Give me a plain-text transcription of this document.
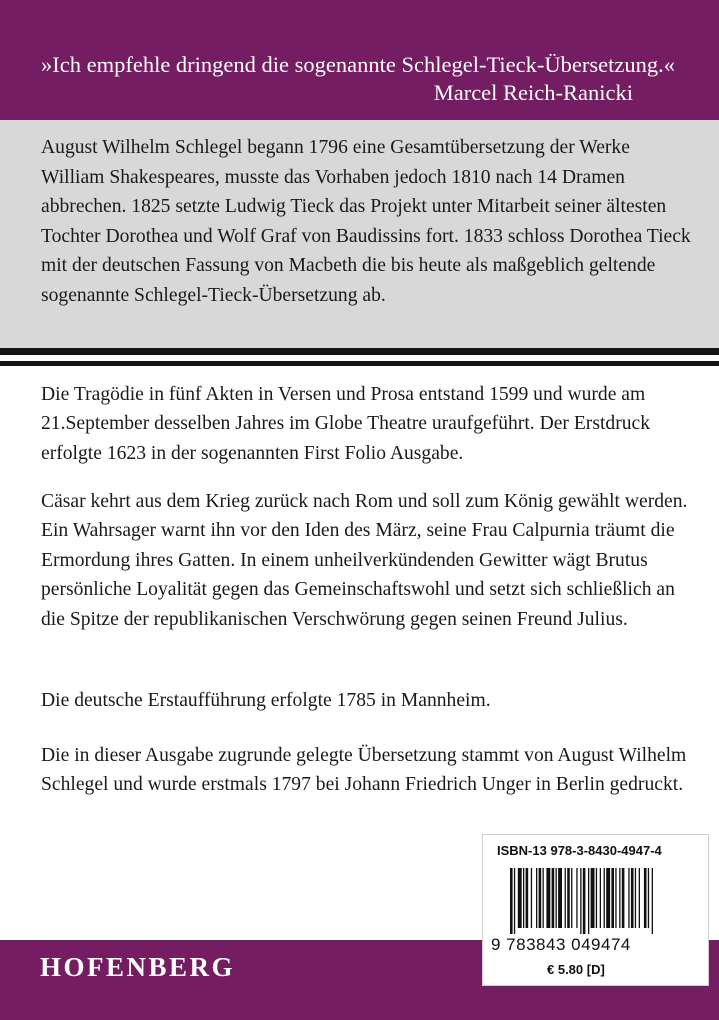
»Ich empfehle dringend die sogenannte Schlegel-Tieck-Übersetzung.«
Marcel Reich-Ranicki

August Wilhelm Schlegel begann 1796 eine Gesamtübersetzung der Werke William Shakespeares, musste das Vorhaben jedoch 1810 nach 14 Dramen abbrechen. 1825 setzte Ludwig Tieck das Projekt unter Mitarbeit seiner ältesten Tochter Dorothea und Wolf Graf von Baudissins fort. 1833 schloss Dorothea Tieck mit der deutschen Fassung von Macbeth die bis heute als maßgeblich geltende sogenannte Schlegel-Tieck-Übersetzung ab.

Die Tragödie in fünf Akten in Versen und Prosa entstand 1599 und wurde am 21.September desselben Jahres im Globe Theatre uraufgeführt. Der Erstdruck erfolgte 1623 in der sogenannten First Folio Ausgabe.

Cäsar kehrt aus dem Krieg zurück nach Rom und soll zum König gewählt werden. Ein Wahrsager warnt ihn vor den Iden des März, seine Frau Calpurnia träumt die Ermordung ihres Gatten. In einem unheilverkündenden Gewitter wägt Brutus persönliche Loyalität gegen das Gemeinschaftswohl und setzt sich schließlich an die Spitze der republikanischen Verschwörung gegen seinen Freund Julius.

Die deutsche Erstaufführung erfolgte 1785 in Mannheim.

Die in dieser Ausgabe zugrunde gelegte Übersetzung stammt von August Wilhelm Schlegel und wurde erstmals 1797 bei Johann Friedrich Unger in Berlin gedruckt.

HOFENBERG
ISBN-13 978-3-8430-4947-4
9 783843 049474
€ 5.80 [D]
